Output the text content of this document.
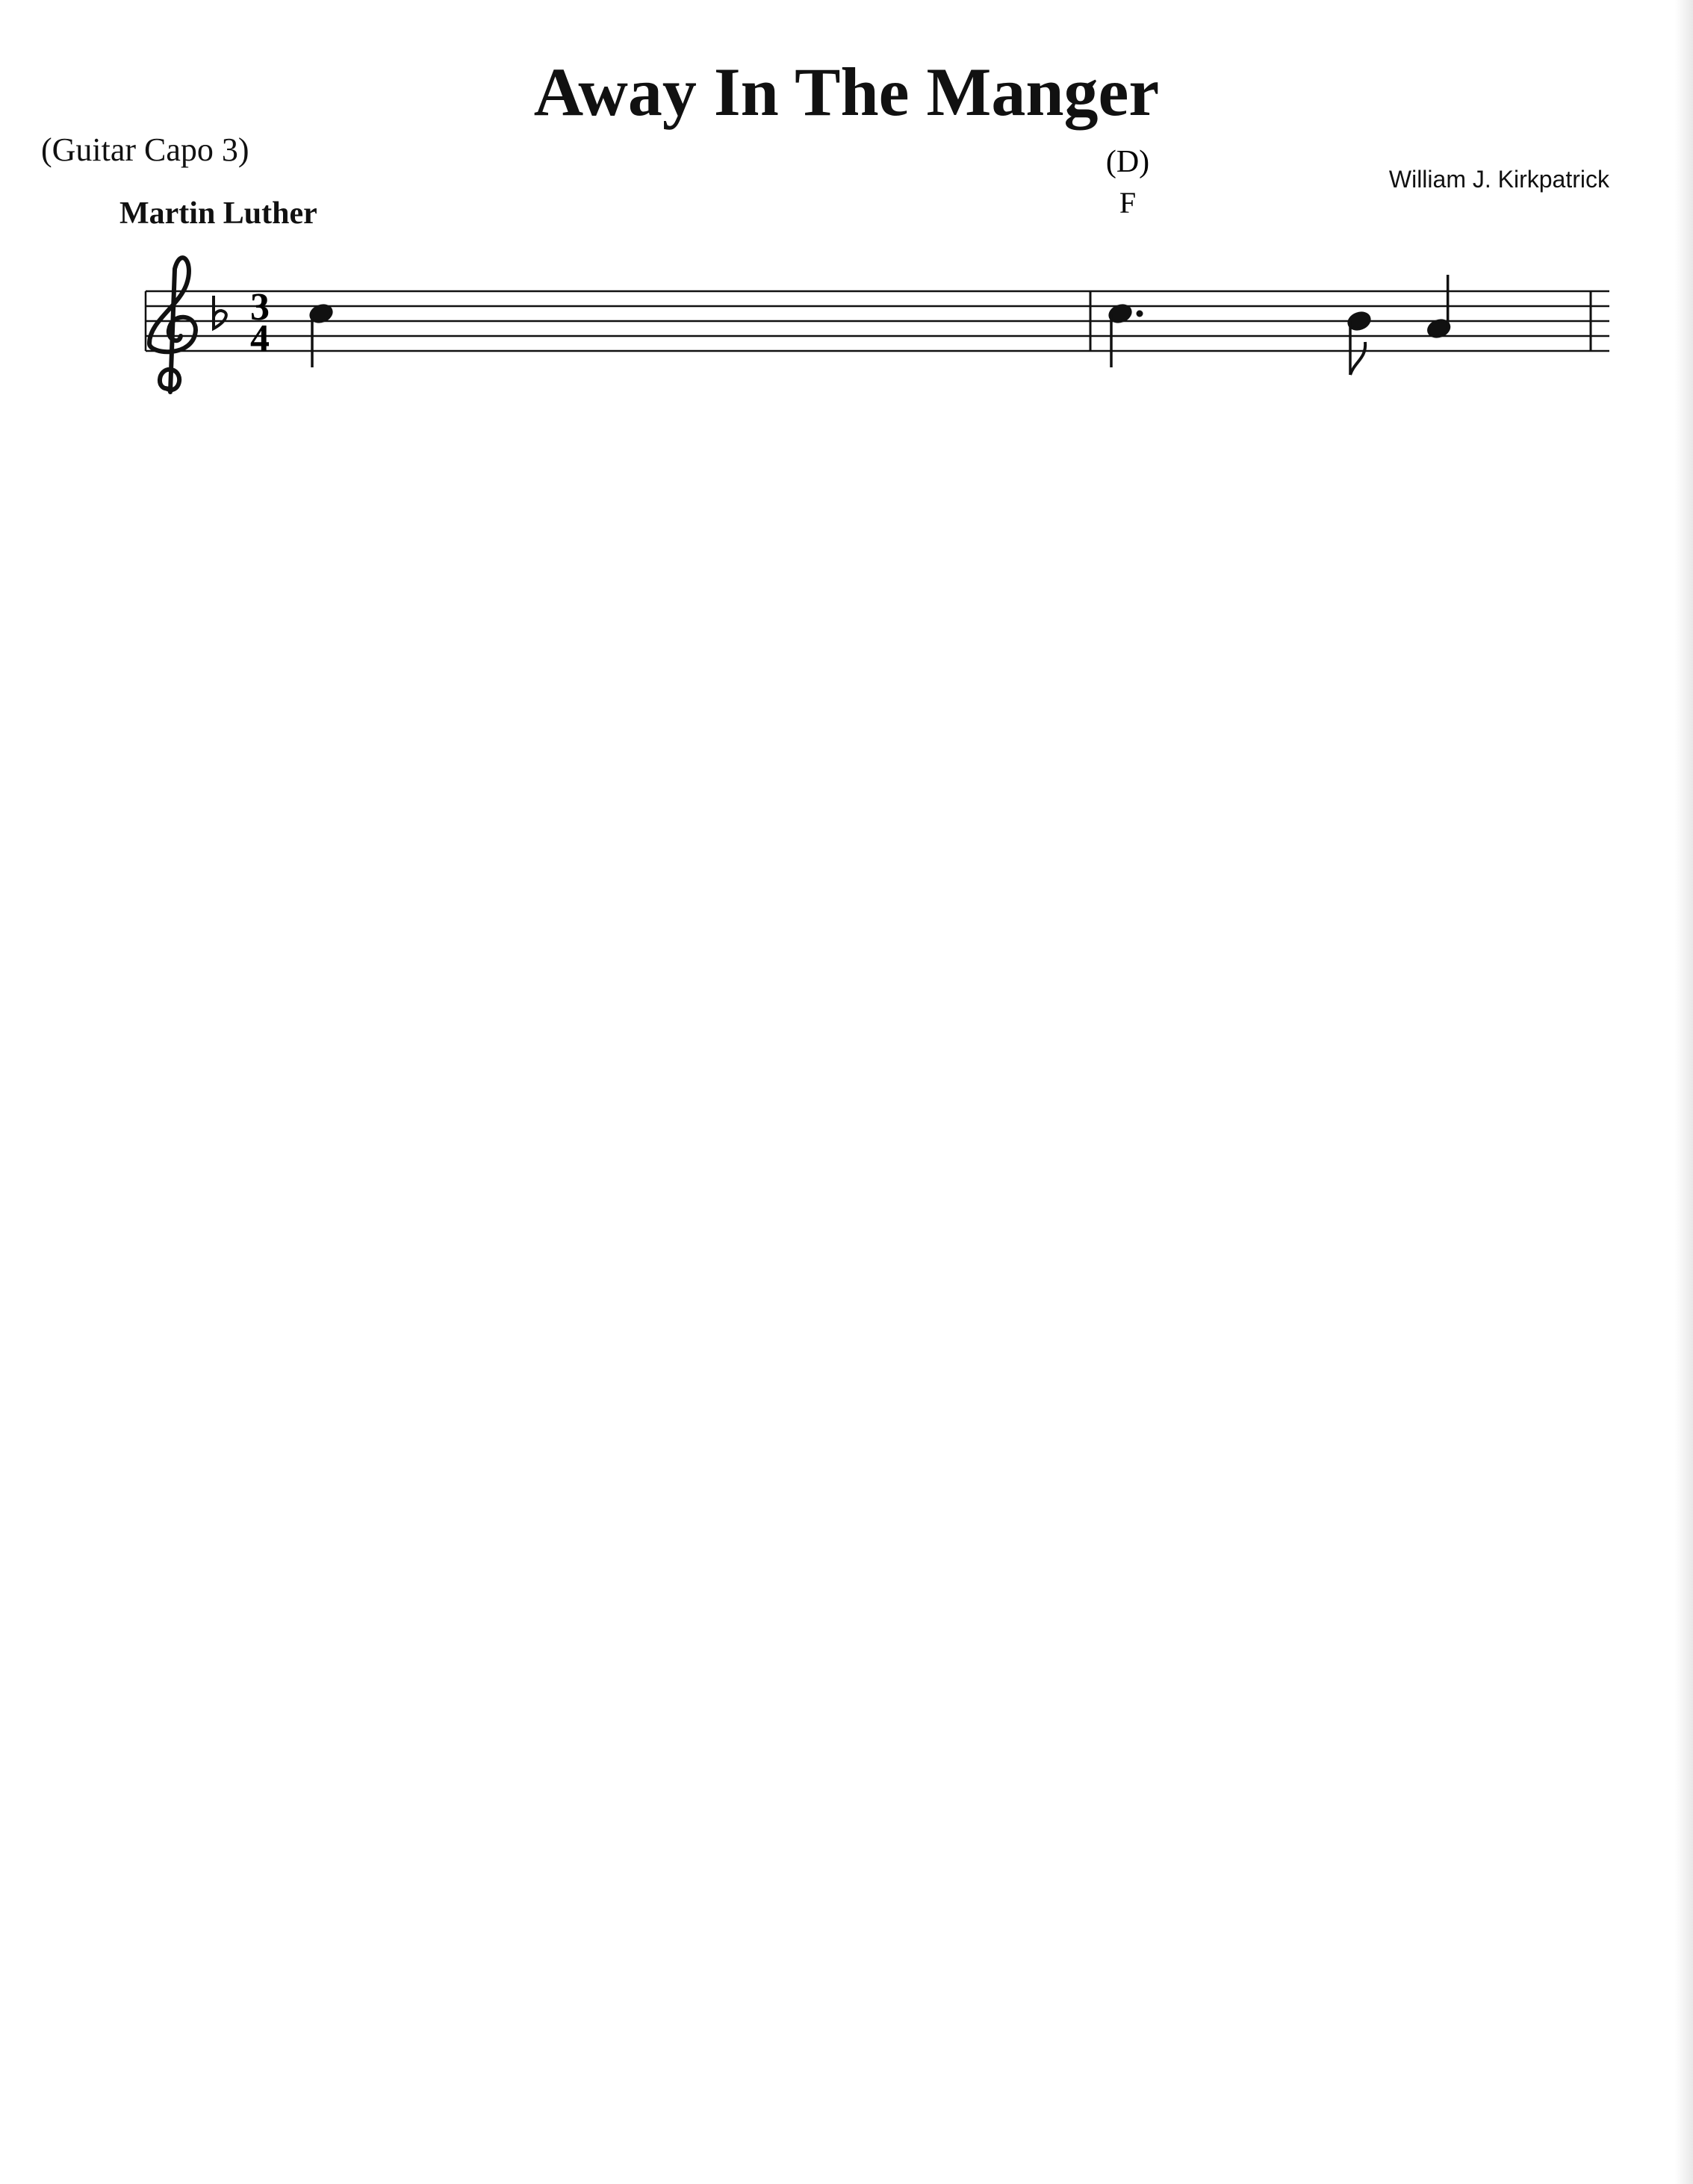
Away In The Manger
(Guitar Capo 3)
William J. Kirkpatrick
Martin Luther
3
4
(D)
F
